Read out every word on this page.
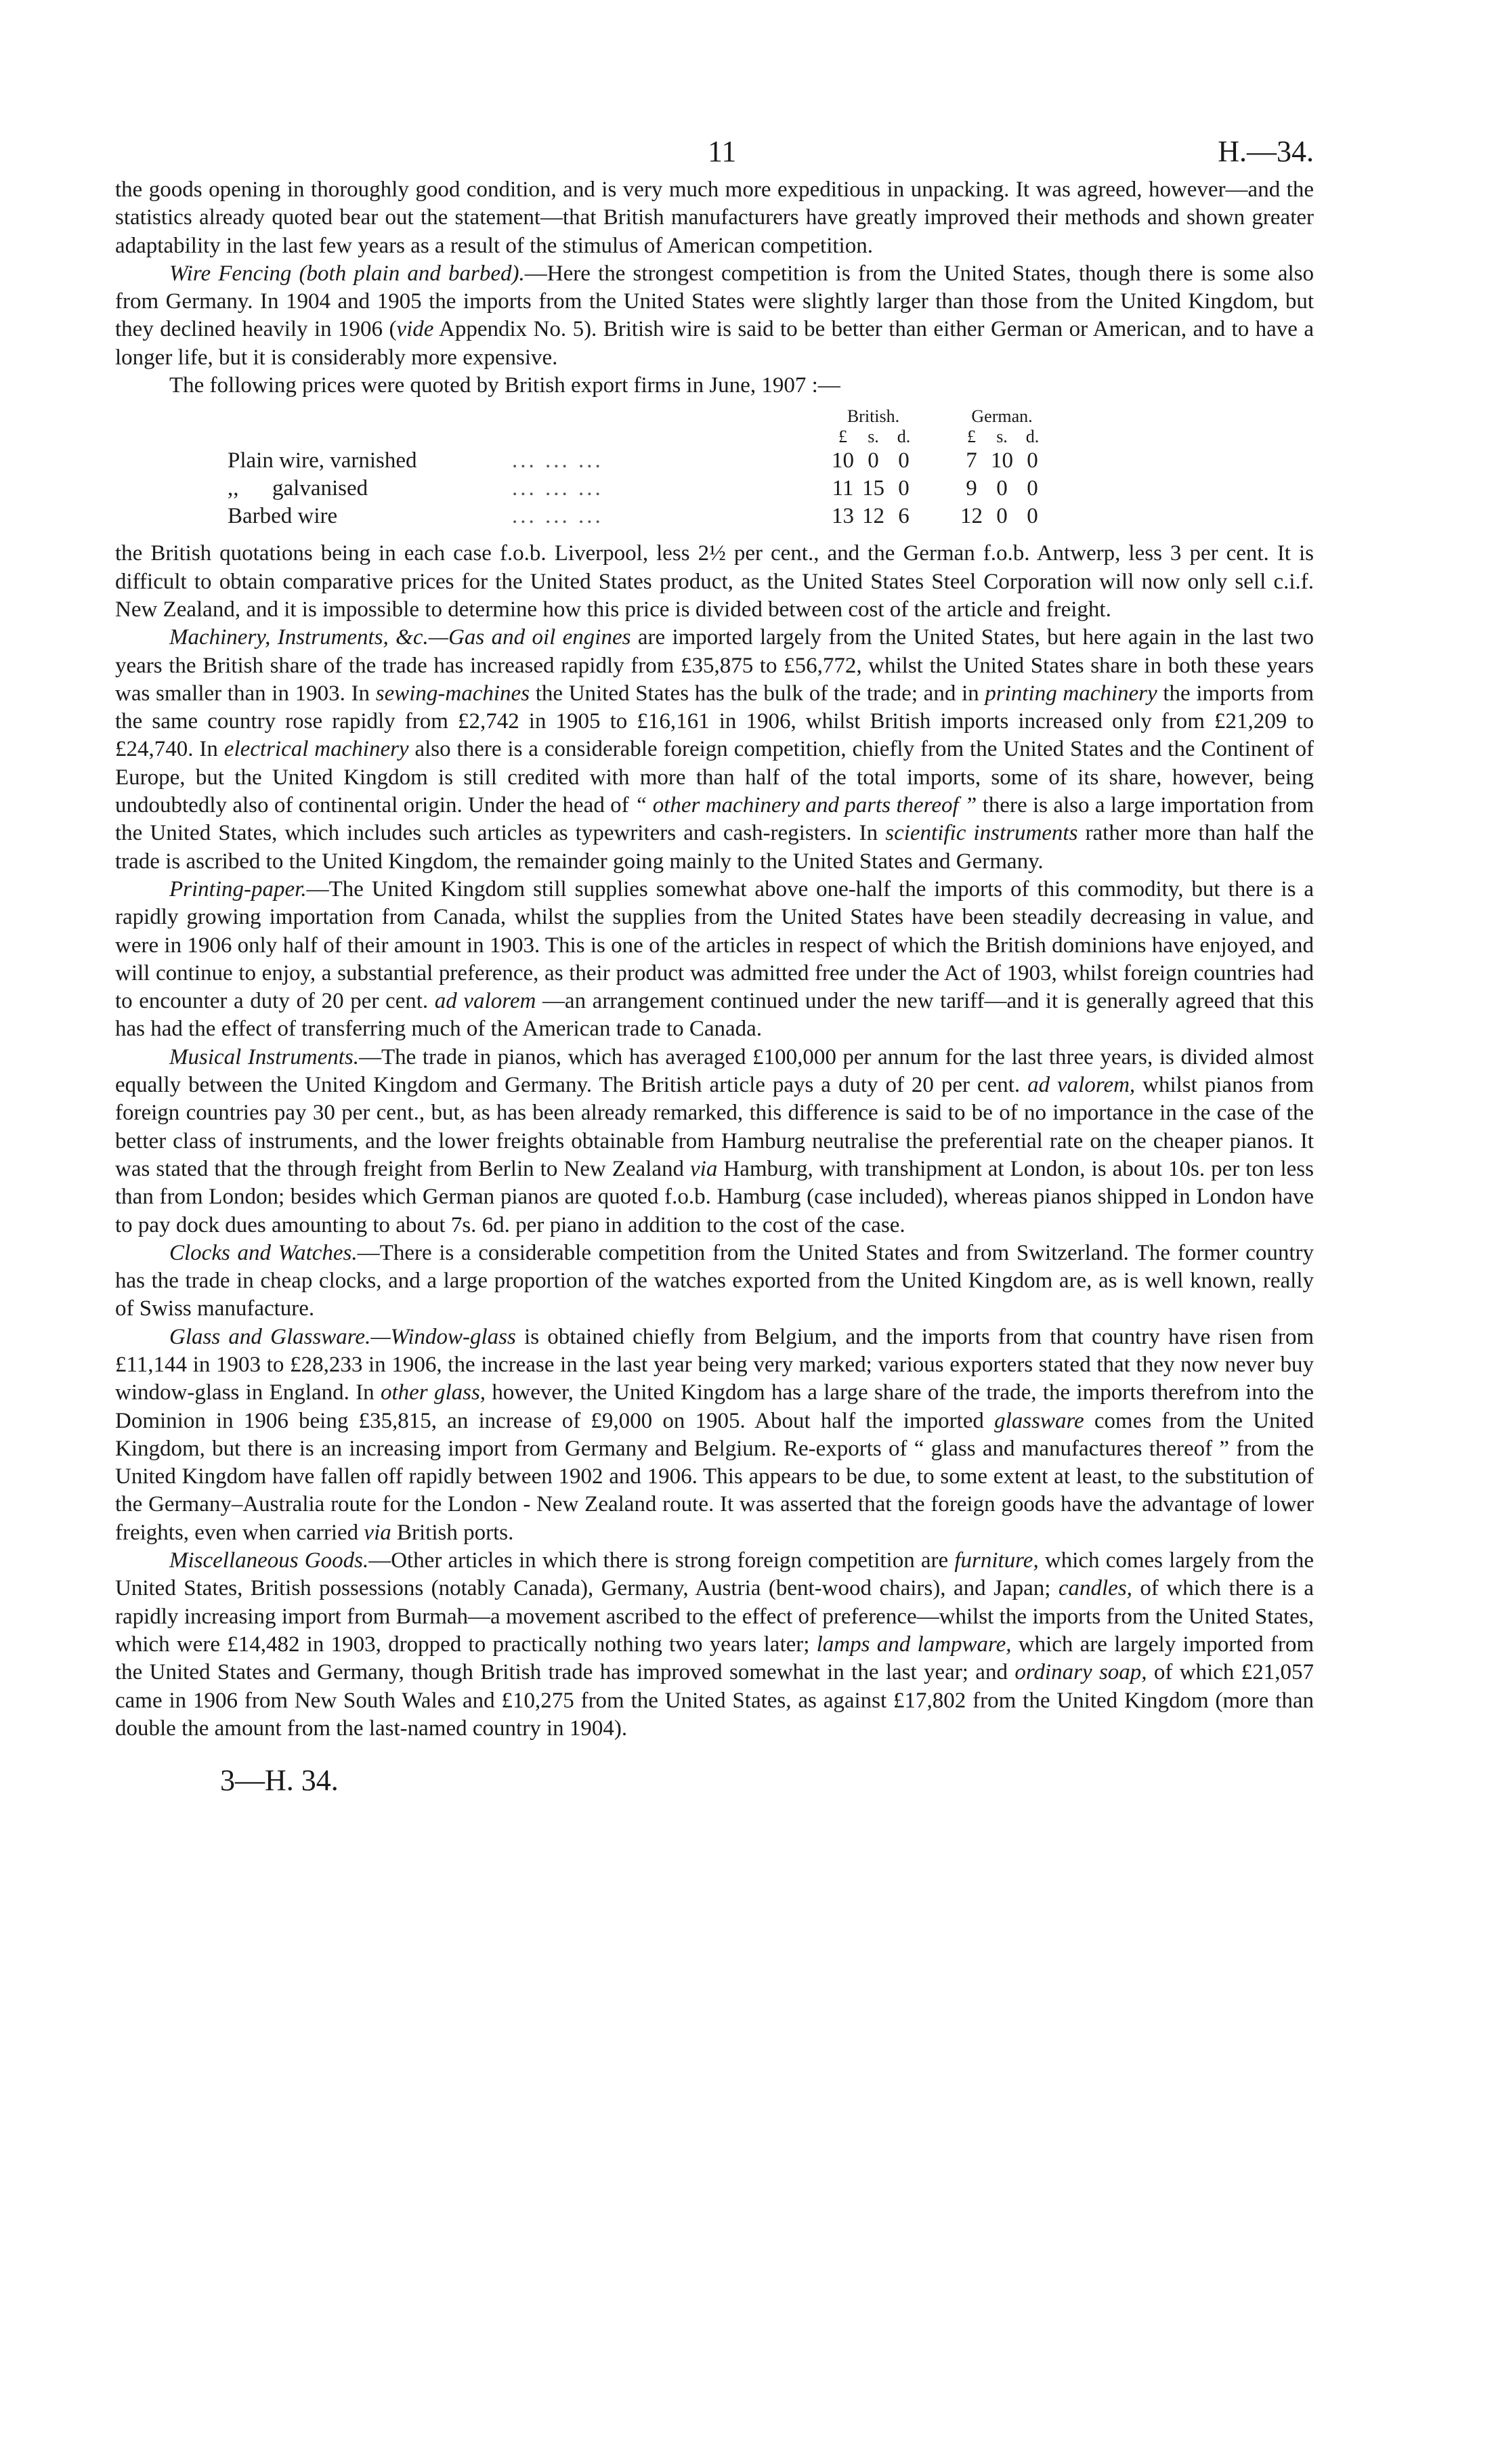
11	H.—34.

the goods opening in thoroughly good condition, and is very much more expeditious in unpacking. It was agreed, however—and the statistics already quoted bear out the statement—that British manufacturers have greatly improved their methods and shown greater adaptability in the last few years as a result of the stimulus of American competition.

Wire Fencing (both plain and barbed).—Here the strongest competition is from the United States, though there is some also from Germany. In 1904 and 1905 the imports from the United States were slightly larger than those from the United Kingdom, but they declined heavily in 1906 (vide Appendix No. 5). British wire is said to be better than either German or American, and to have a longer life, but it is considerably more expensive.

The following prices were quoted by British export firms in June, 1907 :—

		British.				German.		
		£	s.	d.		£	s.	d.
Plain wire, varnished	... ... ...	10	0	0		7	10	0
,,      galvanised	... ... ...	11	15	0		9	0	0
Barbed wire	... ... ...	13	12	6		12	0	0

the British quotations being in each case f.o.b. Liverpool, less 2½ per cent., and the German f.o.b. Antwerp, less 3 per cent. It is difficult to obtain comparative prices for the United States product, as the United States Steel Corporation will now only sell c.i.f. New Zealand, and it is impossible to determine how this price is divided between cost of the article and freight.

Machinery, Instruments, &c.—Gas and oil engines are imported largely from the United States, but here again in the last two years the British share of the trade has increased rapidly from £35,875 to £56,772, whilst the United States share in both these years was smaller than in 1903. In sewing-machines the United States has the bulk of the trade; and in printing machinery the imports from the same country rose rapidly from £2,742 in 1905 to £16,161 in 1906, whilst British imports increased only from £21,209 to £24,740. In electrical machinery also there is a considerable foreign competition, chiefly from the United States and the Continent of Europe, but the United Kingdom is still credited with more than half of the total imports, some of its share, however, being undoubtedly also of continental origin. Under the head of “ other machinery and parts thereof ” there is also a large importation from the United States, which includes such articles as typewriters and cash-registers. In scientific instruments rather more than half the trade is ascribed to the United Kingdom, the remainder going mainly to the United States and Germany.

Printing-paper.—The United Kingdom still supplies somewhat above one-half the imports of this commodity, but there is a rapidly growing importation from Canada, whilst the supplies from the United States have been steadily decreasing in value, and were in 1906 only half of their amount in 1903. This is one of the articles in respect of which the British dominions have enjoyed, and will continue to enjoy, a substantial preference, as their product was admitted free under the Act of 1903, whilst foreign countries had to encounter a duty of 20 per cent. ad valorem —an arrangement continued under the new tariff—and it is generally agreed that this has had the effect of transferring much of the American trade to Canada.

Musical Instruments.—The trade in pianos, which has averaged £100,000 per annum for the last three years, is divided almost equally between the United Kingdom and Germany. The British article pays a duty of 20 per cent. ad valorem, whilst pianos from foreign countries pay 30 per cent., but, as has been already remarked, this difference is said to be of no importance in the case of the better class of instruments, and the lower freights obtainable from Hamburg neutralise the preferential rate on the cheaper pianos. It was stated that the through freight from Berlin to New Zealand via Hamburg, with transhipment at London, is about 10s. per ton less than from London; besides which German pianos are quoted f.o.b. Hamburg (case included), whereas pianos shipped in London have to pay dock dues amounting to about 7s. 6d. per piano in addition to the cost of the case.

Clocks and Watches.—There is a considerable competition from the United States and from Switzerland. The former country has the trade in cheap clocks, and a large proportion of the watches exported from the United Kingdom are, as is well known, really of Swiss manufacture.

Glass and Glassware.—Window-glass is obtained chiefly from Belgium, and the imports from that country have risen from £11,144 in 1903 to £28,233 in 1906, the increase in the last year being very marked; various exporters stated that they now never buy window-glass in England. In other glass, however, the United Kingdom has a large share of the trade, the imports therefrom into the Dominion in 1906 being £35,815, an increase of £9,000 on 1905. About half the imported glassware comes from the United Kingdom, but there is an increasing import from Germany and Belgium. Re-exports of “ glass and manufactures thereof ” from the United Kingdom have fallen off rapidly between 1902 and 1906. This appears to be due, to some extent at least, to the substitution of the Germany–Australia route for the London - New Zealand route. It was asserted that the foreign goods have the advantage of lower freights, even when carried via British ports.

Miscellaneous Goods.—Other articles in which there is strong foreign competition are furniture, which comes largely from the United States, British possessions (notably Canada), Germany, Austria (bent-wood chairs), and Japan; candles, of which there is a rapidly increasing import from Burmah—a movement ascribed to the effect of preference—whilst the imports from the United States, which were £14,482 in 1903, dropped to practically nothing two years later; lamps and lampware, which are largely imported from the United States and Germany, though British trade has improved somewhat in the last year; and ordinary soap, of which £21,057 came in 1906 from New South Wales and £10,275 from the United States, as against £17,802 from the United Kingdom (more than double the amount from the last-named country in 1904).

3—H. 34.
